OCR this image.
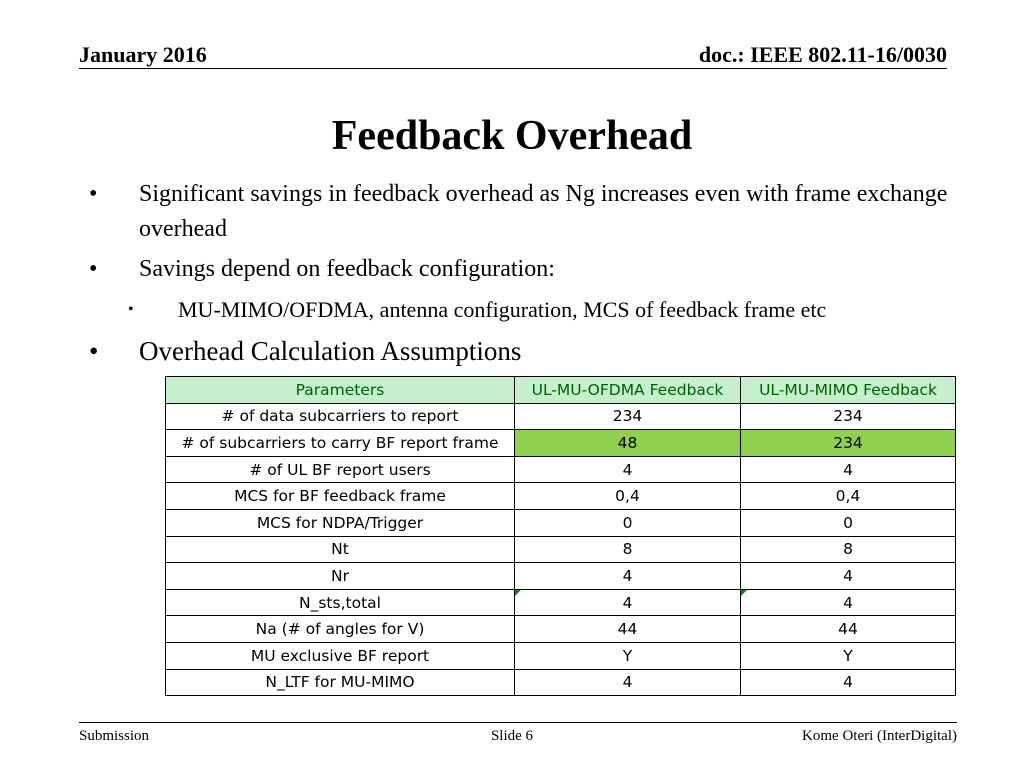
January 2016	doc.: IEEE 802.11-16/0030
Feedback Overhead
• Significant savings in feedback overhead as Ng increases even with frame exchange overhead
• Savings depend on feedback configuration:
• MU-MIMO/OFDMA, antenna configuration, MCS of feedback frame etc
• Overhead Calculation Assumptions
Parameters	UL-MU-OFDMA Feedback	UL-MU-MIMO Feedback
# of data subcarriers to report	234	234
# of subcarriers to carry BF report frame	48	234
# of UL BF report users	4	4
MCS for BF feedback frame	0,4	0,4
MCS for NDPA/Trigger	0	0
Nt	8	8
Nr	4	4
N_sts,total	4	4
Na (# of angles for V)	44	44
MU exclusive BF report	Y	Y
N_LTF for MU-MIMO	4	4
Submission	Slide 6	Kome Oteri (InterDigital)
